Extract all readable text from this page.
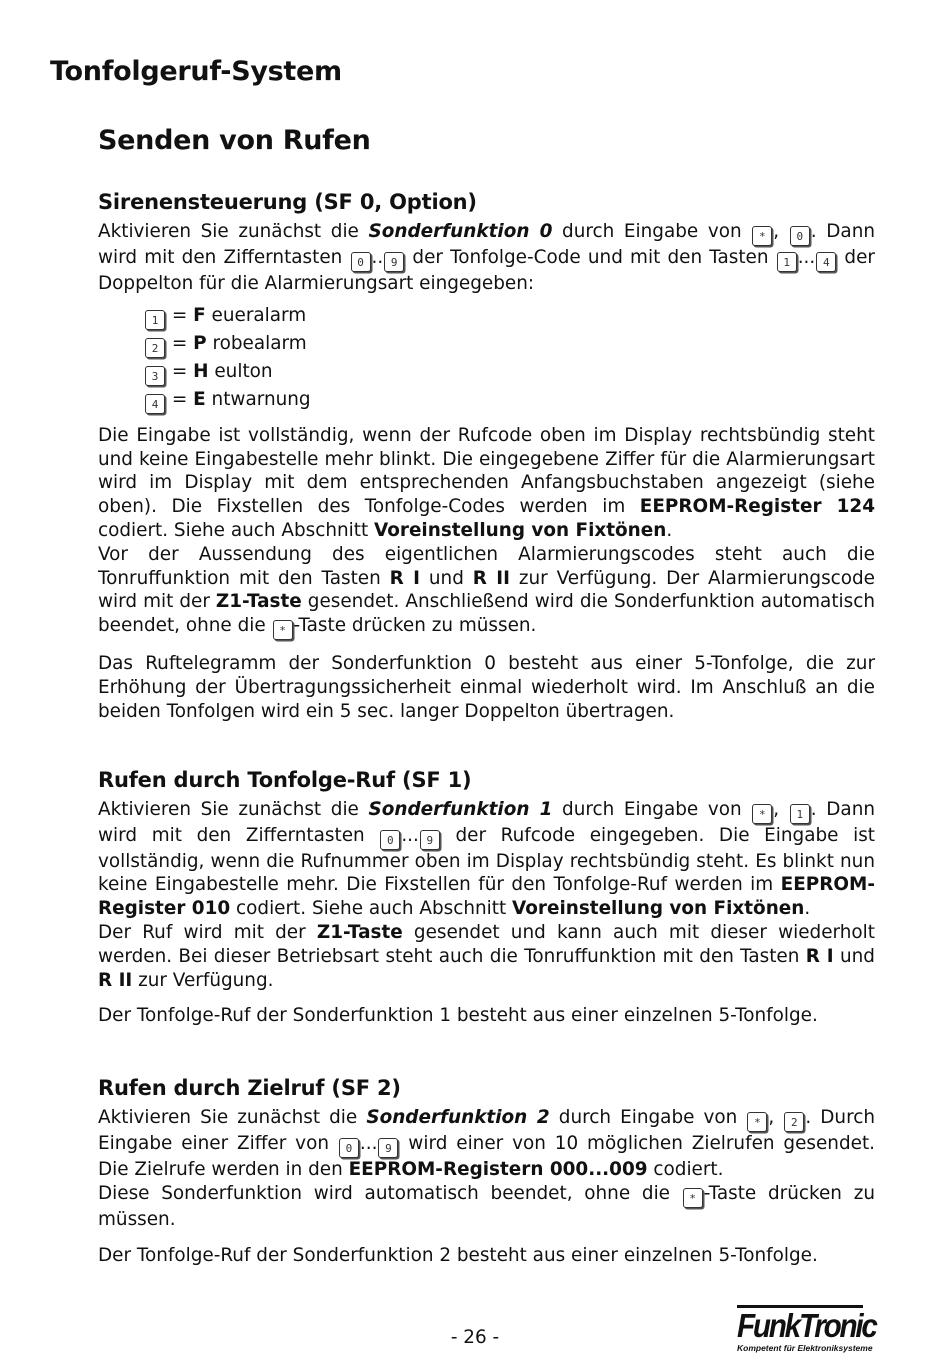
Tonfolgeruf-System
Senden von Rufen
Sirenensteuerung (SF 0, Option)

Aktivieren Sie zunächst die Sonderfunktion 0 durch Eingabe von * , 0 . Dann wird mit den Zifferntasten 0 .. 9 der Tonfolge-Code und mit den Tasten 1 ... 4 der Doppelton für die Alarmierungsart eingegeben:

1 = F eueralarm
2 = P robealarm
3 = H eulton
4 = E ntwarnung

Die Eingabe ist vollständig, wenn der Rufcode oben im Display rechtsbündig steht und keine Eingabestelle mehr blinkt. Die eingegebene Ziffer für die Alarmierungsart wird im Display mit dem entsprechenden Anfangsbuchstaben angezeigt (siehe oben). Die Fixstellen des Tonfolge-Codes werden im EEPROM-Register 124 codiert. Siehe auch Abschnitt Voreinstellung von Fixtönen.

Vor der Aussendung des eigentlichen Alarmierungscodes steht auch die Tonruffunktion mit den Tasten R I und R II zur Verfügung. Der Alarmierungscode wird mit der Z1-Taste gesendet. Anschließend wird die Sonderfunktion automatisch beendet, ohne die * -Taste drücken zu müssen.

Das Ruftelegramm der Sonderfunktion 0 besteht aus einer 5-Tonfolge, die zur Erhöhung der Übertragungssicherheit einmal wiederholt wird. Im Anschluß an die beiden Tonfolgen wird ein 5 sec. langer Doppelton übertragen.

Rufen durch Tonfolge-Ruf (SF 1)

Aktivieren Sie zunächst die Sonderfunktion 1 durch Eingabe von * , 1 . Dann wird mit den Zifferntasten 0 ... 9 der Rufcode eingegeben. Die Eingabe ist vollständig, wenn die Rufnummer oben im Display rechtsbündig steht. Es blinkt nun keine Eingabestelle mehr. Die Fixstellen für den Tonfolge-Ruf werden im EEPROM-Register 010 codiert. Siehe auch Abschnitt Voreinstellung von Fixtönen.

Der Ruf wird mit der Z1-Taste gesendet und kann auch mit dieser wiederholt werden. Bei dieser Betriebsart steht auch die Tonruffunktion mit den Tasten R I und R II zur Verfügung.

Der Tonfolge-Ruf der Sonderfunktion 1 besteht aus einer einzelnen 5-Tonfolge.

Rufen durch Zielruf (SF 2)

Aktivieren Sie zunächst die Sonderfunktion 2 durch Eingabe von * , 2 . Durch Eingabe einer Ziffer von 0 ... 9 wird einer von 10 möglichen Zielrufen gesendet. Die Zielrufe werden in den EEPROM-Registern 000...009 codiert.

Diese Sonderfunktion wird automatisch beendet, ohne die * -Taste drücken zu müssen.

Der Tonfolge-Ruf der Sonderfunktion 2 besteht aus einer einzelnen 5-Tonfolge.

- 26 -	FunkTronic
Kompetent für Elektroniksysteme
